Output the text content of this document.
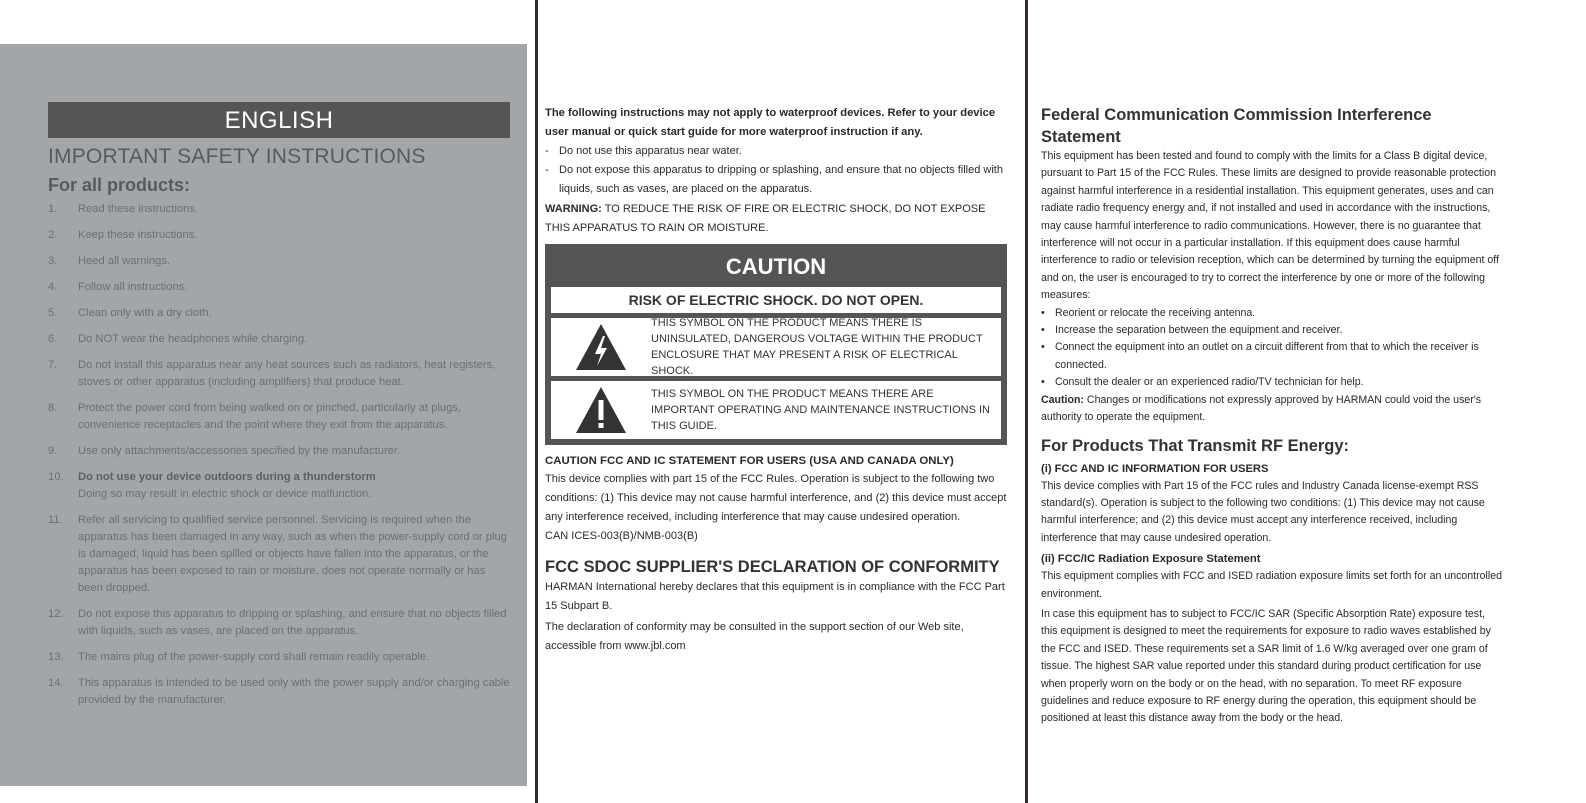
ENGLISH
IMPORTANT SAFETY INSTRUCTIONS
For all products:
1. Read these instructions.
2. Keep these instructions.
3. Heed all warnings.
4. Follow all instructions.
5. Clean only with a dry cloth.
6. Do NOT wear the headphones while charging.
7. Do not install this apparatus near any heat sources such as radiators, heat registers, stoves or other apparatus (including amplifiers) that produce heat.
8. Protect the power cord from being walked on or pinched, particularly at plugs, convenience receptacles and the point where they exit from the apparatus.
9. Use only attachments/accessories specified by the manufacturer.
10. Do not use your device outdoors during a thunderstorm
Doing so may result in electric shock or device malfunction.
11. Refer all servicing to qualified service personnel. Servicing is required when the apparatus has been damaged in any way, such as when the power-supply cord or plug is damaged, liquid has been spilled or objects have fallen into the apparatus, or the apparatus has been exposed to rain or moisture, does not operate normally or has been dropped.
12. Do not expose this apparatus to dripping or splashing, and ensure that no objects filled with liquids, such as vases, are placed on the apparatus.
13. The mains plug of the power-supply cord shall remain readily operable.
14. This apparatus is intended to be used only with the power supply and/or charging cable provided by the manufacturer.
The following instructions may not apply to waterproof devices. Refer to your device user manual or quick start guide for more waterproof instruction if any.
- Do not use this apparatus near water.
- Do not expose this apparatus to dripping or splashing, and ensure that no objects filled with liquids, such as vases, are placed on the apparatus.
WARNING: TO REDUCE THE RISK OF FIRE OR ELECTRIC SHOCK, DO NOT EXPOSE THIS APPARATUS TO RAIN OR MOISTURE.
CAUTION
RISK OF ELECTRIC SHOCK. DO NOT OPEN.
THIS SYMBOL ON THE PRODUCT MEANS THERE IS UNINSULATED, DANGEROUS VOLTAGE WITHIN THE PRODUCT ENCLOSURE THAT MAY PRESENT A RISK OF ELECTRICAL SHOCK.
THIS SYMBOL ON THE PRODUCT MEANS THERE ARE IMPORTANT OPERATING AND MAINTENANCE INSTRUCTIONS IN THIS GUIDE.
CAUTION FCC AND IC STATEMENT FOR USERS (USA AND CANADA ONLY)
This device complies with part 15 of the FCC Rules. Operation is subject to the following two conditions: (1) This device may not cause harmful interference, and (2) this device must accept any interference received, including interference that may cause undesired operation.
CAN ICES-003(B)/NMB-003(B)
FCC SDOC SUPPLIER'S DECLARATION OF CONFORMITY
HARMAN International hereby declares that this equipment is in compliance with the FCC Part 15 Subpart B.
The declaration of conformity may be consulted in the support section of our Web site, accessible from www.jbl.com
Federal Communication Commission Interference Statement
This equipment has been tested and found to comply with the limits for a Class B digital device, pursuant to Part 15 of the FCC Rules. These limits are designed to provide reasonable protection against harmful interference in a residential installation. This equipment generates, uses and can radiate radio frequency energy and, if not installed and used in accordance with the instructions, may cause harmful interference to radio communications. However, there is no guarantee that interference will not occur in a particular installation. If this equipment does cause harmful interference to radio or television reception, which can be determined by turning the equipment off and on, the user is encouraged to try to correct the interference by one or more of the following measures:
• Reorient or relocate the receiving antenna.
• Increase the separation between the equipment and receiver.
• Connect the equipment into an outlet on a circuit different from that to which the receiver is connected.
• Consult the dealer or an experienced radio/TV technician for help.
Caution: Changes or modifications not expressly approved by HARMAN could void the user's authority to operate the equipment.
For Products That Transmit RF Energy:
(i) FCC AND IC INFORMATION FOR USERS
This device complies with Part 15 of the FCC rules and Industry Canada license-exempt RSS standard(s). Operation is subject to the following two conditions: (1) This device may not cause harmful interference; and (2) this device must accept any interference received, including interference that may cause undesired operation.
(ii) FCC/IC Radiation Exposure Statement
This equipment complies with FCC and ISED radiation exposure limits set forth for an uncontrolled environment.
In case this equipment has to subject to FCC/IC SAR (Specific Absorption Rate) exposure test, this equipment is designed to meet the requirements for exposure to radio waves established by the FCC and ISED. These requirements set a SAR limit of 1.6 W/kg averaged over one gram of tissue. The highest SAR value reported under this standard during product certification for use when properly worn on the body or on the head, with no separation. To meet RF exposure guidelines and reduce exposure to RF energy during the operation, this equipment should be positioned at least this distance away from the body or the head.
